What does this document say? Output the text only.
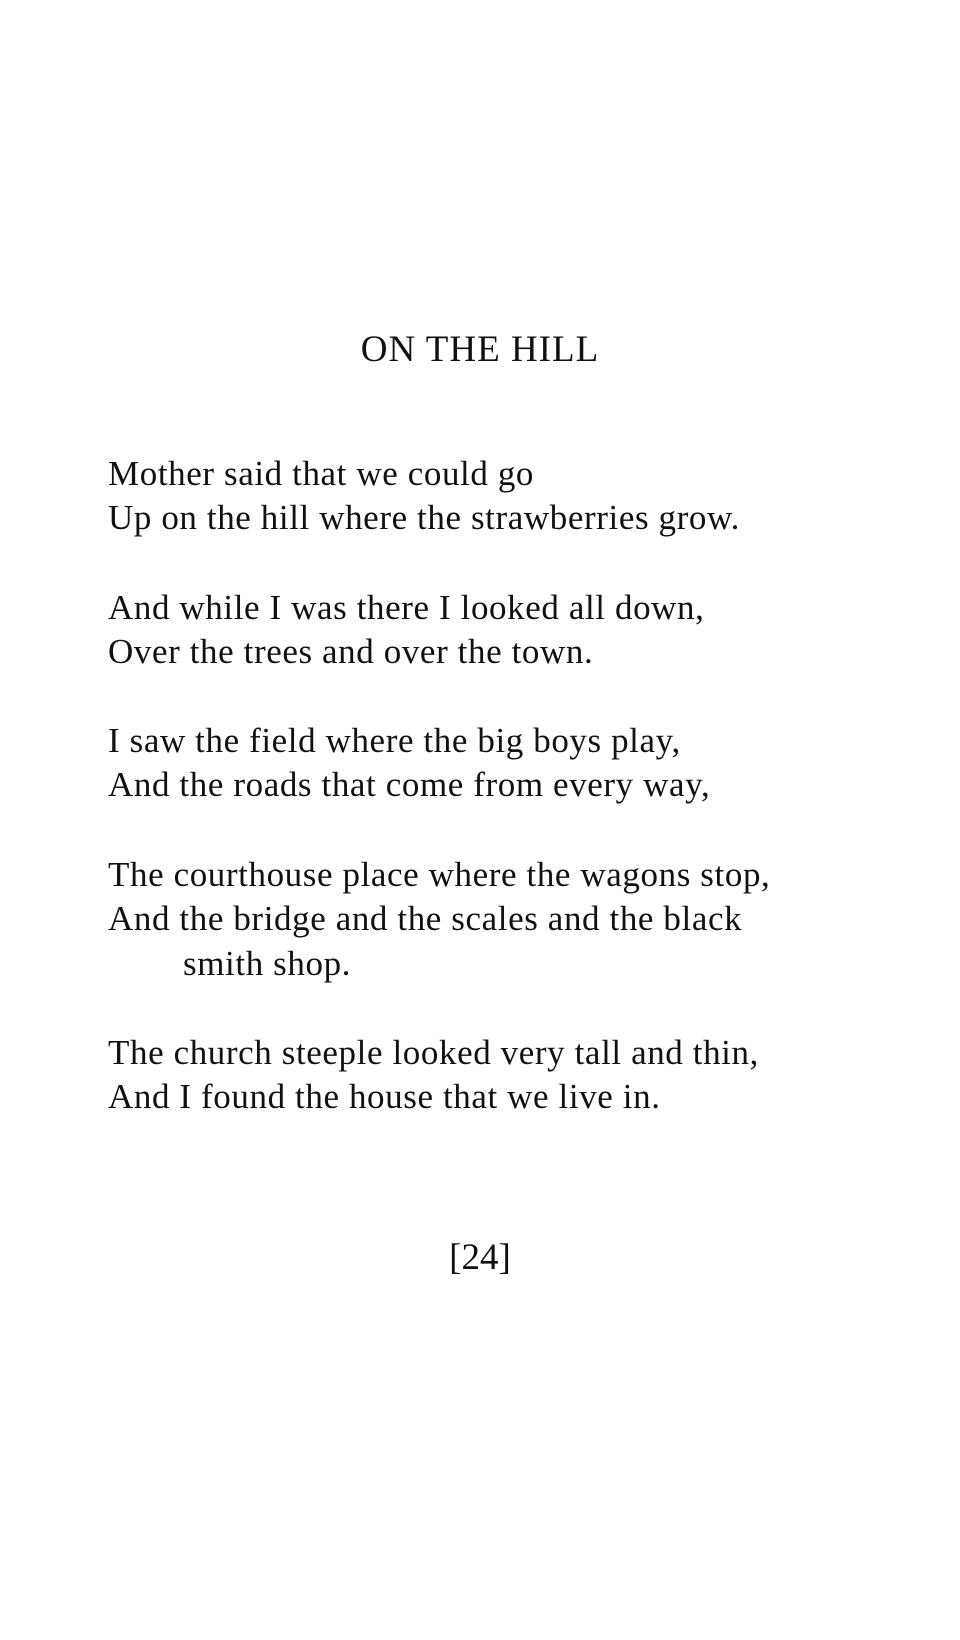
ON THE HILL
Mother said that we could go
Up on the hill where the strawberries grow.
And while I was there I looked all down,
Over the trees and over the town.
I saw the field where the big boys play,
And the roads that come from every way,
The courthouse place where the wagons stop,
And the bridge and the scales and the black
smith shop.
The church steeple looked very tall and thin,
And I found the house that we live in.
[24]
